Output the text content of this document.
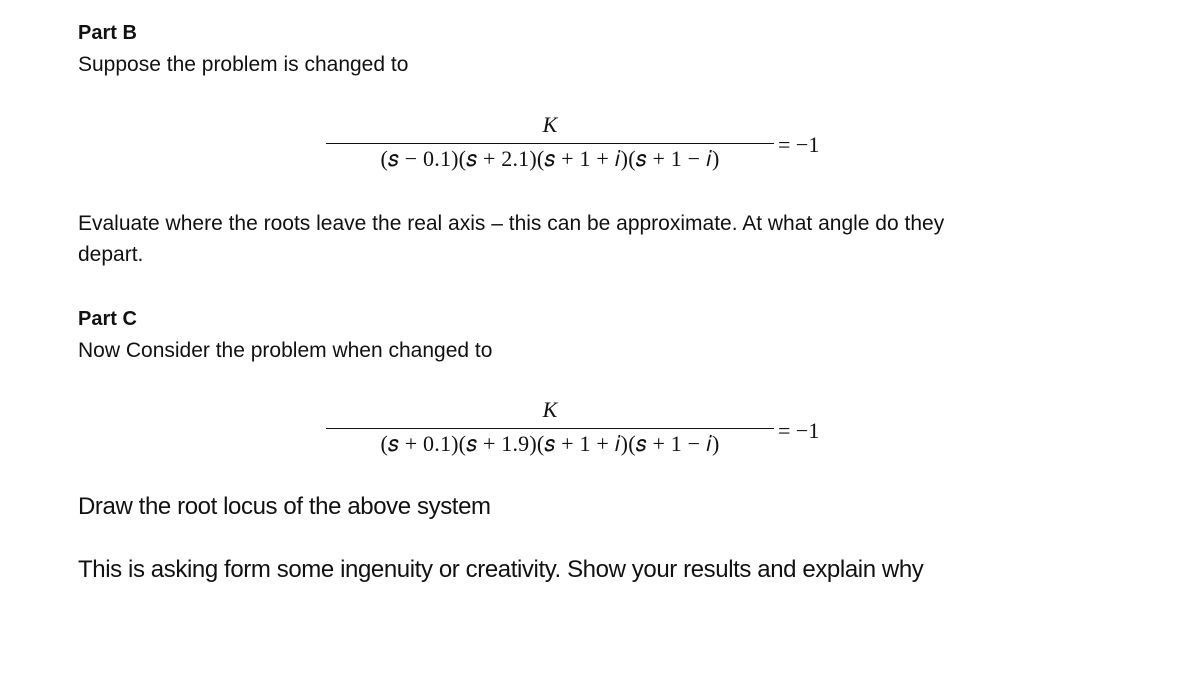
Part B
Suppose the problem is changed to
K
(𝑠 − 0.1)(𝑠 + 2.1)(𝑠 + 1 + 𝑖)(𝑠 + 1 − 𝑖)
= −1
Evaluate where the roots leave the real axis – this can be approximate. At what angle do they
depart.
Part C
Now Consider the problem when changed to
K
(𝑠 + 0.1)(𝑠 + 1.9)(𝑠 + 1 + 𝑖)(𝑠 + 1 − 𝑖)
= −1
Draw the root locus of the above system
This is asking form some ingenuity or creativity. Show your results and explain why
